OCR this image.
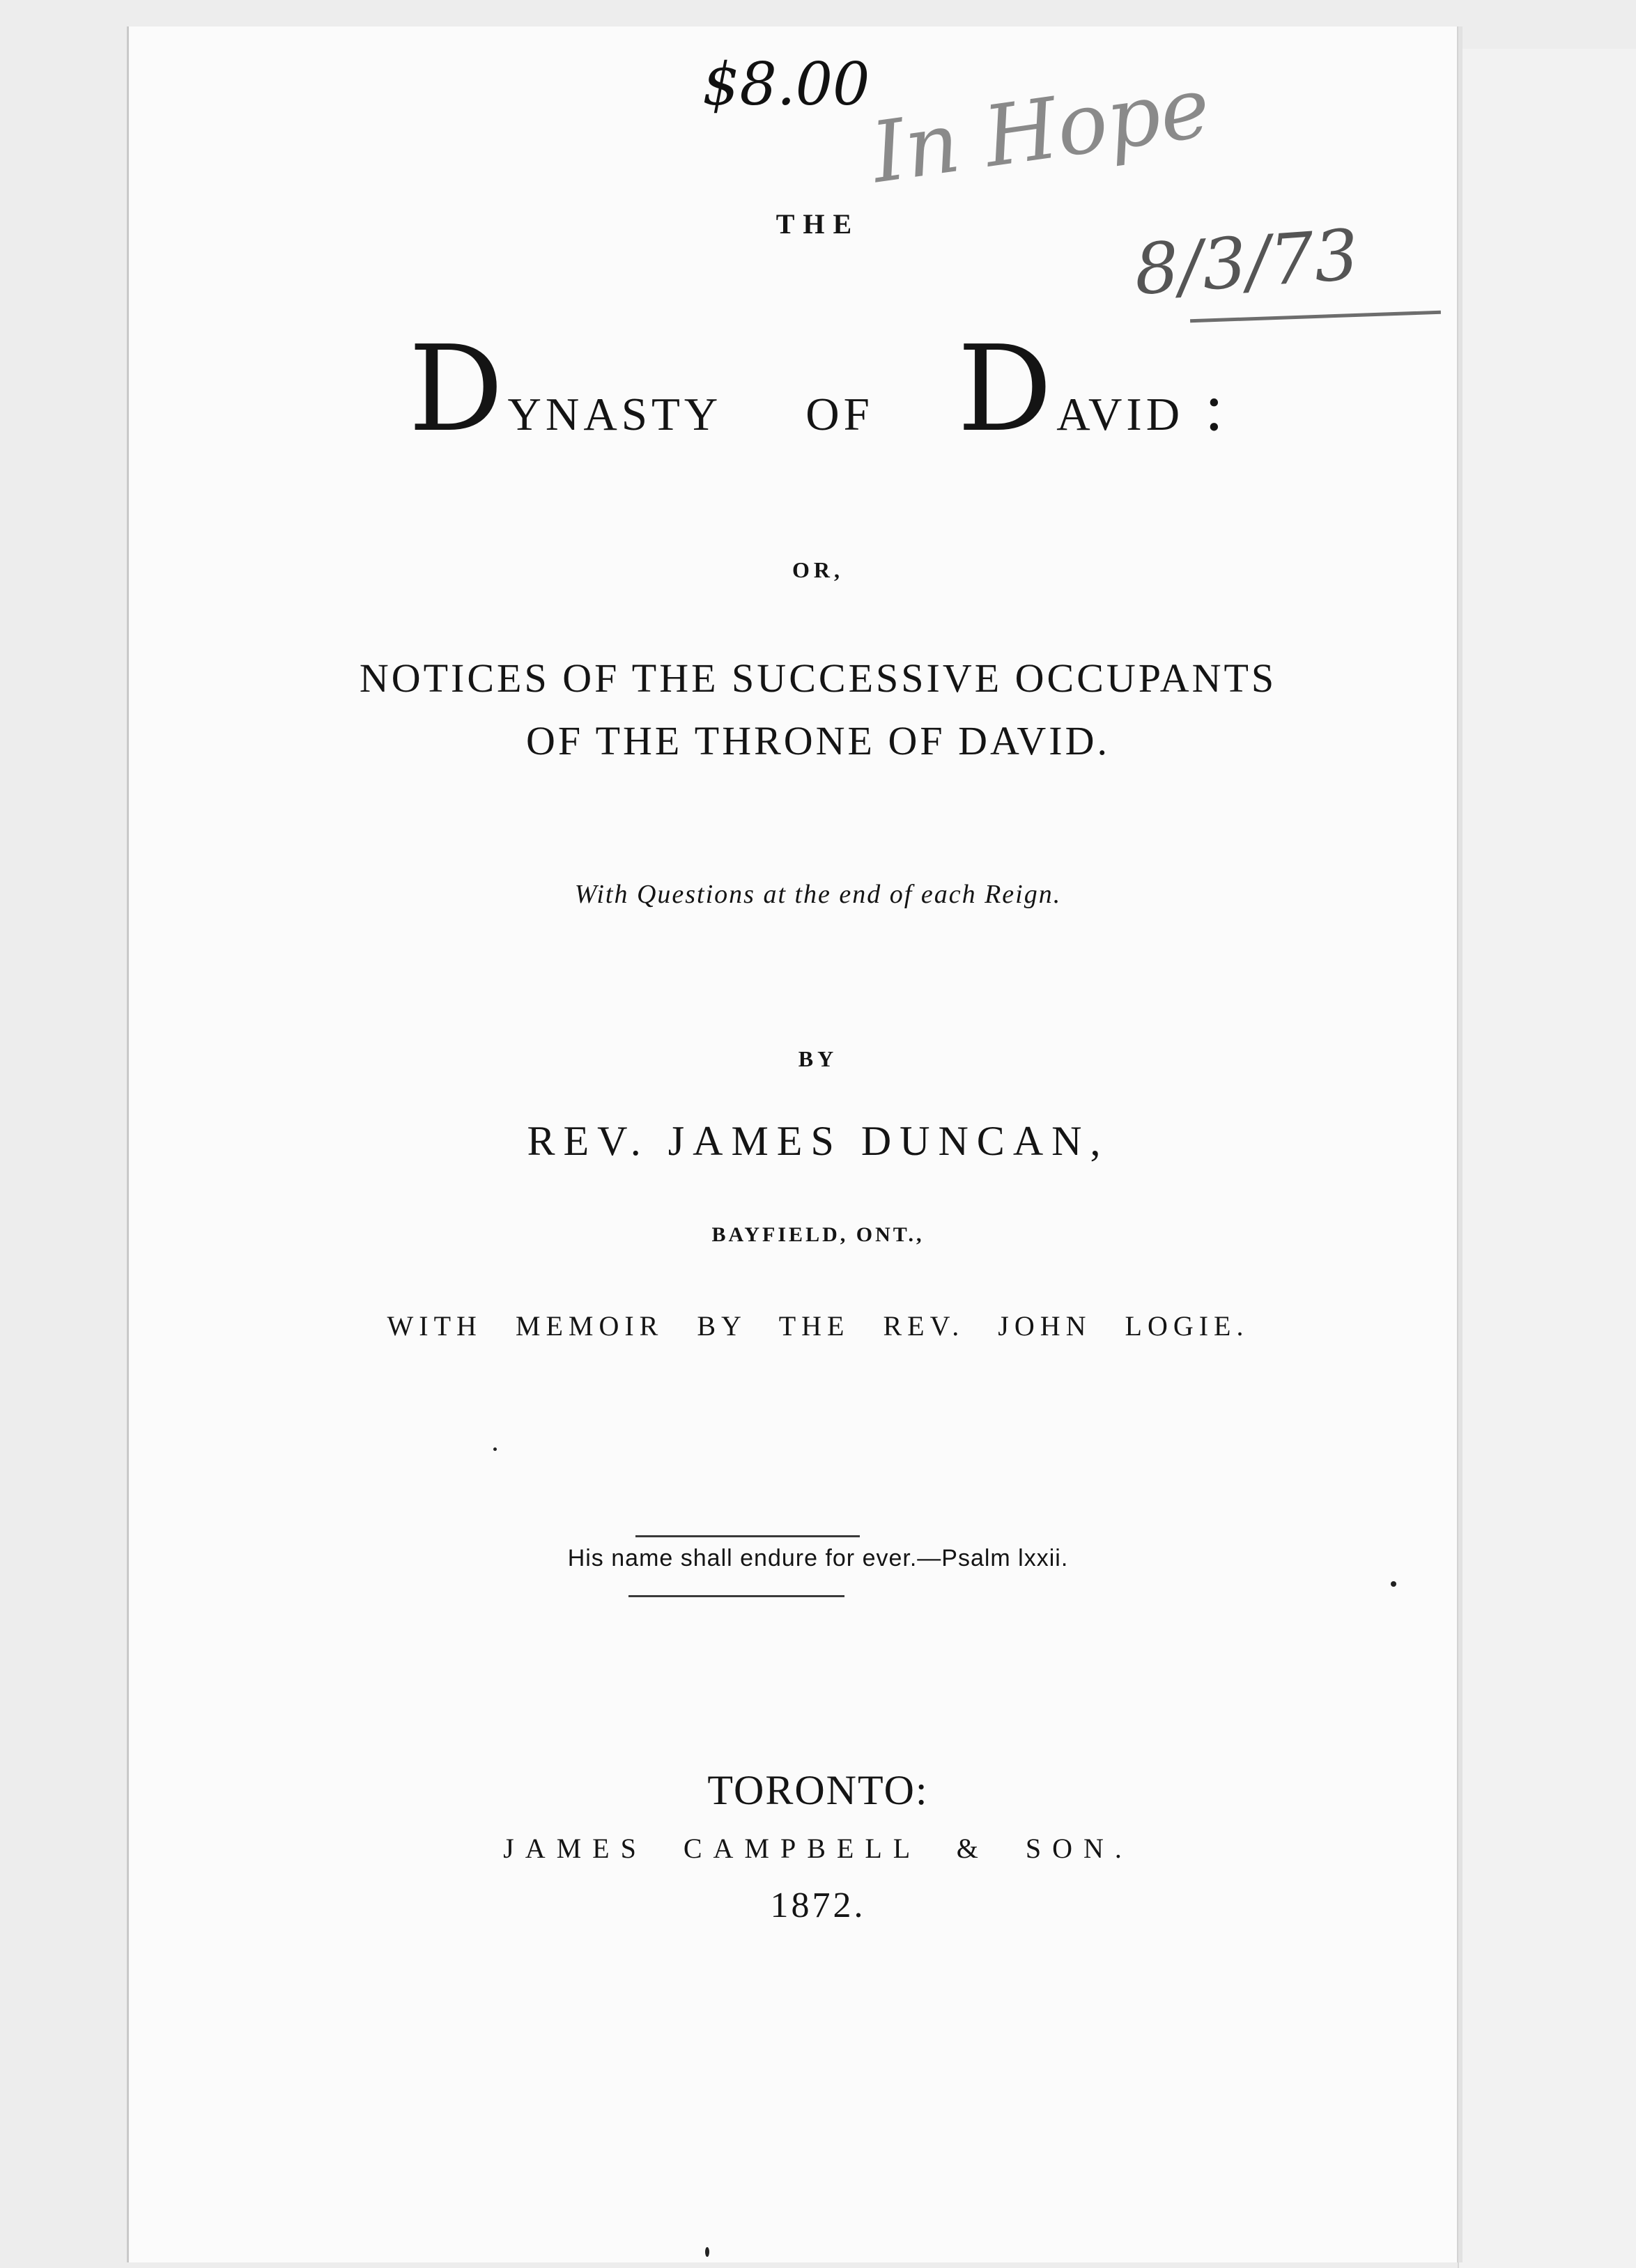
$8.00
In Hope
8/3/73
THE
Dynasty of David :
OR,
NOTICES OF THE SUCCESSIVE OCCUPANTS
OF THE THRONE OF DAVID.
With Questions at the end of each Reign.
BY
REV. JAMES DUNCAN,
BAYFIELD, ONT.,
WITH MEMOIR BY THE REV. JOHN LOGIE.
His name shall endure for ever.—Psalm lxxii.
TORONTO:
JAMES CAMPBELL & SON.
1872.
